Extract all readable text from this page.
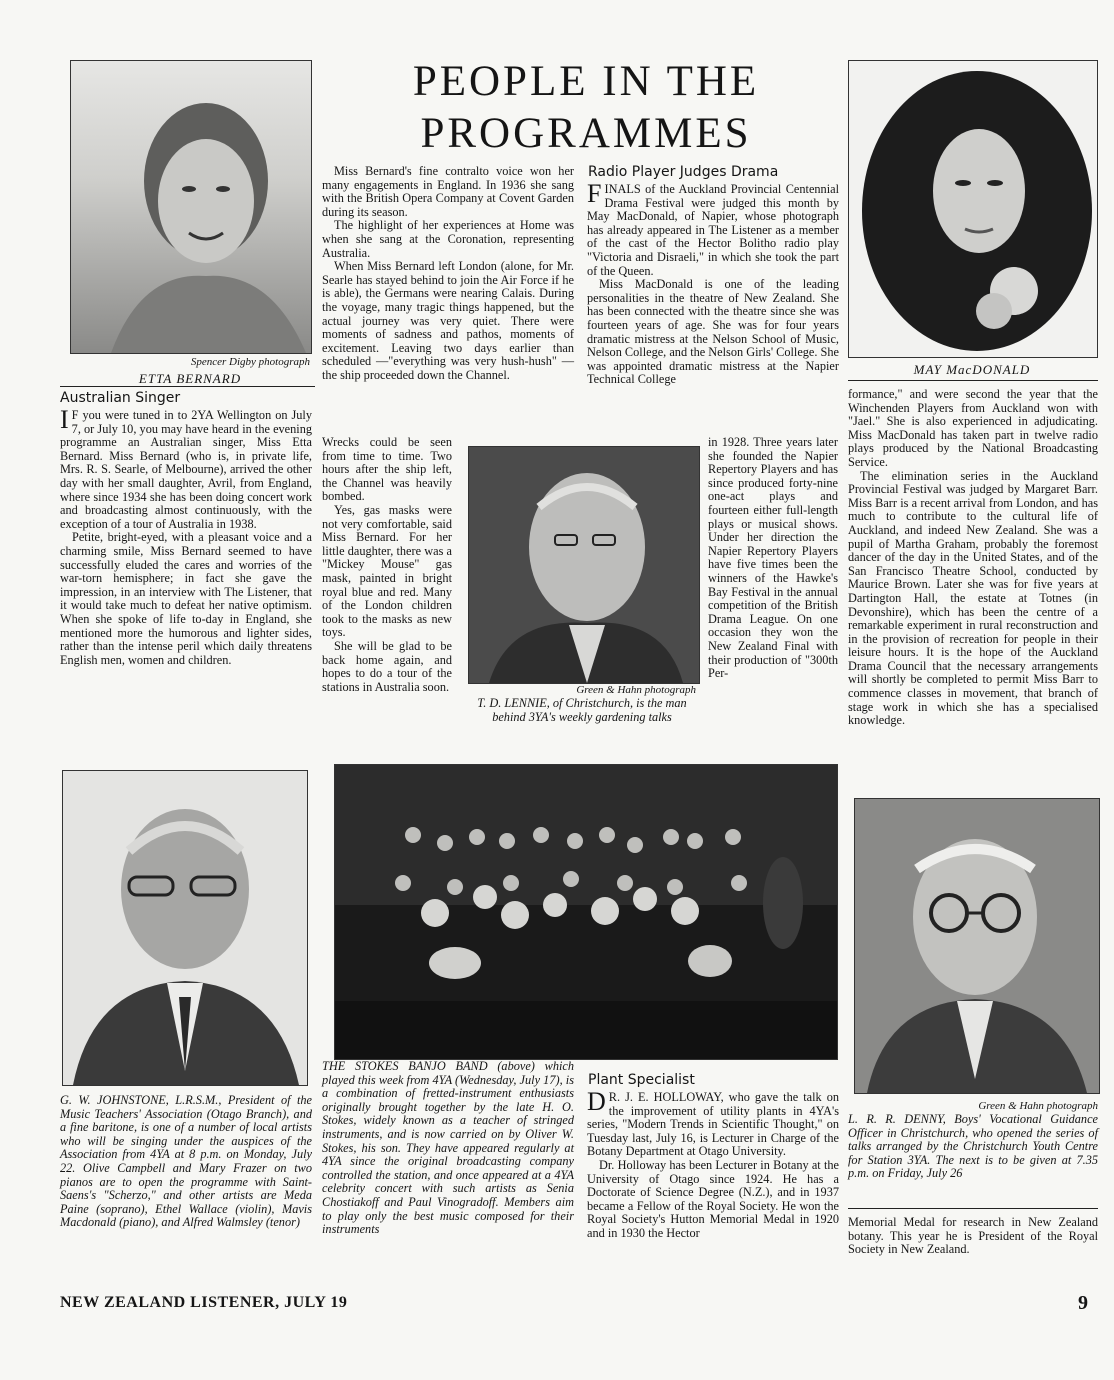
PEOPLE IN THE
PROGRAMMES
Spencer Digby photograph
ETTA BERNARD
Australian Singer

I F you were tuned in to 2YA Wellington on July 7, or July 10, you may have heard in the evening programme an Australian singer, Miss Etta Bernard. Miss Bernard (who is, in private life, Mrs. R. S. Searle, of Melbourne), arrived the other day with her small daughter, Avril, from England, where since 1934 she has been doing concert work and broadcasting almost continuously, with the exception of a tour of Australia in 1938.

Petite, bright-eyed, with a pleasant voice and a charming smile, Miss Bernard seemed to have successfully eluded the cares and worries of the war-torn hemisphere; in fact she gave the impression, in an interview with The Listener, that it would take much to defeat her native optimism. When she spoke of life to-day in England, she mentioned more the humorous and lighter sides, rather than the intense peril which daily threatens English men, women and children.

Miss Bernard's fine contralto voice won her many engagements in England. In 1936 she sang with the British Opera Company at Covent Garden during its season.

The highlight of her experiences at Home was when she sang at the Coronation, representing Australia.

When Miss Bernard left London (alone, for Mr. Searle has stayed behind to join the Air Force if he is able), the Germans were nearing Calais. During the voyage, many tragic things happened, but the actual journey was very quiet. There were moments of sadness and pathos, moments of excitement. Leaving two days earlier than scheduled —"everything was very hush-hush" — the ship proceeded down the Channel.

Wrecks could be seen from time to time. Two hours after the ship left, the Channel was heavily bombed.

Yes, gas masks were not very comfortable, said Miss Bernard. For her little daughter, there was a "Mickey Mouse" gas mask, painted in bright royal blue and red. Many of the London children took to the masks as new toys.

She will be glad to be back home again, and hopes to do a tour of the stations in Australia soon.	Green & Hahn photograph
T. D. LENNIE, of Christchurch, is the man behind 3YA's weekly gardening talks
Radio Player Judges Drama

FINALS of the Auckland Provincial Centennial Drama Festival were judged this month by May MacDonald, of Napier, whose photograph has already appeared in The Listener as a member of the cast of the Hector Bolitho radio play "Victoria and Disraeli," in which she took the part of the Queen.

Miss MacDonald is one of the leading personalities in the theatre of New Zealand. She has been connected with the theatre since she was fourteen years of age. She was for four years dramatic mistress at the Nelson School of Music, Nelson College, and the Nelson Girls' College. She was appointed dramatic mistress at the Napier Technical College

in 1928. Three years later she founded the Napier Repertory Players and has since produced forty-nine one-act plays and fourteen either full-length plays or musical shows. Under her direction the Napier Repertory Players have five times been the winners of the Hawke's Bay Festival in the annual competition of the British Drama League. On one occasion they won the New Zealand Final with their production of "300th Per-

MAY MacDONALD

formance," and were second the year that the Winchenden Players from Auckland won with "Jael." She is also experienced in adjudicating. Miss MacDonald has taken part in twelve radio plays produced by the National Broadcasting Service.

The elimination series in the Auckland Provincial Festival was judged by Margaret Barr. Miss Barr is a recent arrival from London, and has much to contribute to the cultural life of Auckland, and indeed New Zealand. She was a pupil of Martha Graham, probably the foremost dancer of the day in the United States, and of the San Francisco Theatre School, conducted by Maurice Brown. Later she was for five years at Dartington Hall, the estate at Totnes (in Devonshire), which has been the centre of a remarkable experiment in rural reconstruction and in the provision of recreation for people in their leisure hours. It is the hope of the Auckland Drama Council that the necessary arrangements will shortly be completed to permit Miss Barr to commence classes in movement, that branch of stage work in which she has a specialised knowledge.

THE STOKES BANJO BAND (above) which played this week from 4YA (Wednesday, July 17), is a combination of fretted-instrument enthusiasts originally brought together by the late H. O. Stokes, widely known as a teacher of stringed instruments, and is now carried on by Oliver W. Stokes, his son. They have appeared regularly at 4YA since the original broadcasting company controlled the station, and once appeared at a 4YA celebrity concert with such artists as Senia Chostiakoff and Paul Vinogradoff. Members aim to play only the best music composed for their instruments
G. W. JOHNSTONE, L.R.S.M., President of the Music Teachers' Association (Otago Branch), and a fine baritone, is one of a number of local artists who will be singing under the auspices of the Association from 4YA at 8 p.m. on Monday, July 22. Olive Campbell and Mary Frazer on two pianos are to open the programme with Saint-Saens's "Scherzo," and other artists are Meda Paine (soprano), Ethel Wallace (violin), Mavis Macdonald (piano), and Alfred Walmsley (tenor)
Plant Specialist

D R. J. E. HOLLOWAY, who gave the talk on the improvement of utility plants in 4YA's series, "Modern Trends in Scientific Thought," on Tuesday last, July 16, is Lecturer in Charge of the Botany Department at Otago University.

Dr. Holloway has been Lecturer in Botany at the University of Otago since 1924. He has a Doctorate of Science Degree (N.Z.), and in 1937 became a Fellow of the Royal Society. He won the Royal Society's Hutton Memorial Medal in 1920 and in 1930 the Hector

Green & Hahn photograph
L. R. R. DENNY, Boys' Vocational Guidance Officer in Christchurch, who opened the series of talks arranged by the Christchurch Youth Centre for Station 3YA. The next is to be given at 7.35 p.m. on Friday, July 26

Memorial Medal for research in New Zealand botany. This year he is President of the Royal Society in New Zealand.

NEW ZEALAND LISTENER, JULY 19	9
